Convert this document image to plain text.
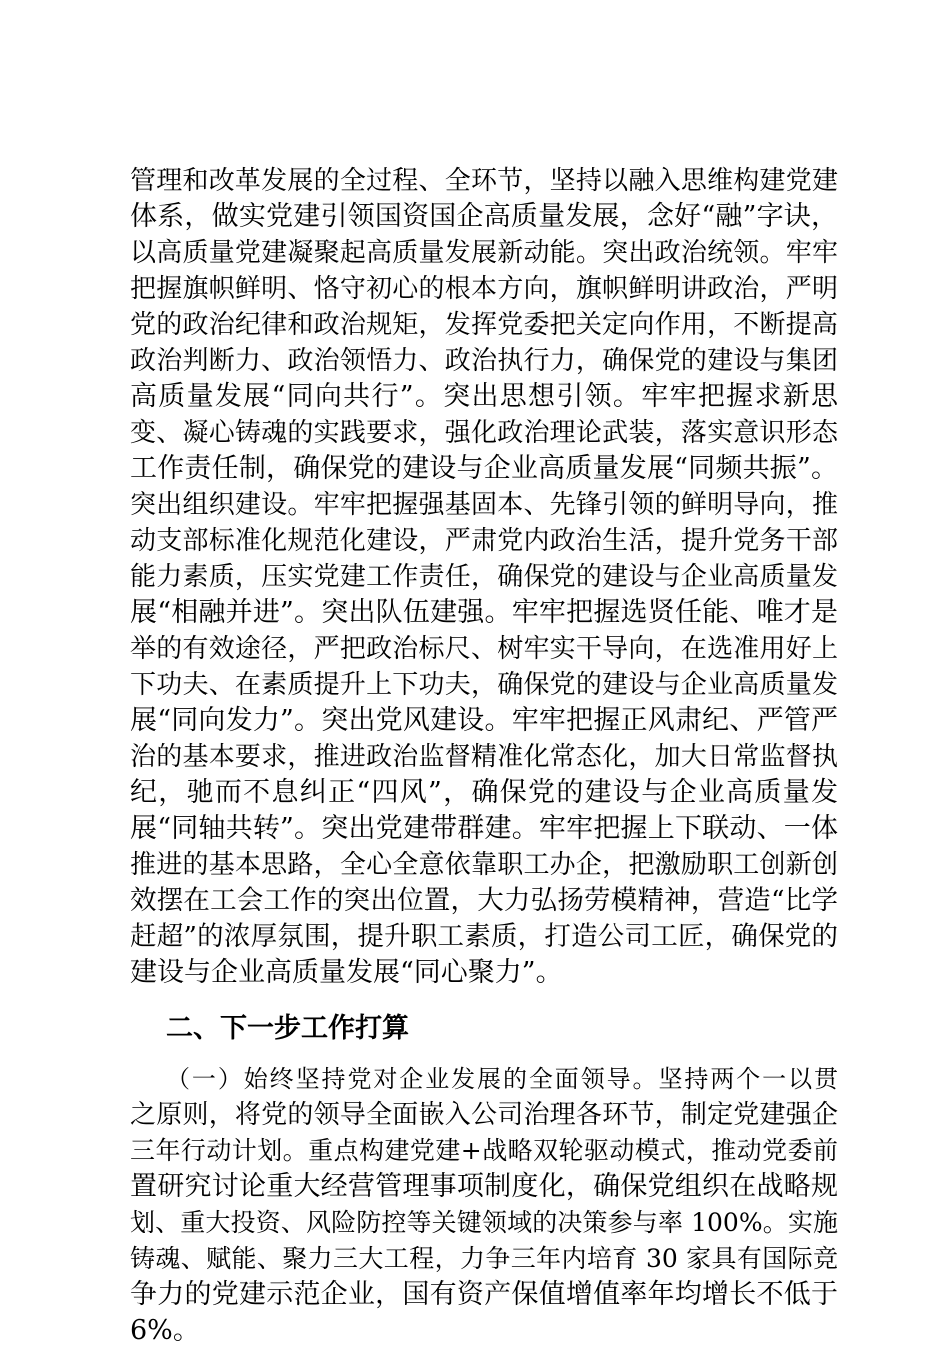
管理和改革发展的全过程、全环节，坚持以融入思维构建党建
体系，做实党建引领国资国企高质量发展，念好“融”字诀，
以高质量党建凝聚起高质量发展新动能。突出政治统领。牢牢
把握旗帜鲜明、恪守初心的根本方向，旗帜鲜明讲政治，严明
党的政治纪律和政治规矩，发挥党委把关定向作用，不断提高
政治判断力、政治领悟力、政治执行力，确保党的建设与集团
高质量发展“同向共行”。突出思想引领。牢牢把握求新思
变、凝心铸魂的实践要求，强化政治理论武装，落实意识形态
工作责任制，确保党的建设与企业高质量发展“同频共振”。
突出组织建设。牢牢把握强基固本、先锋引领的鲜明导向，推
动支部标准化规范化建设，严肃党内政治生活，提升党务干部
能力素质，压实党建工作责任，确保党的建设与企业高质量发
展“相融并进”。突出队伍建强。牢牢把握选贤任能、唯才是
举的有效途径，严把政治标尺、树牢实干导向，在选准用好上
下功夫、在素质提升上下功夫，确保党的建设与企业高质量发
展“同向发力”。突出党风建设。牢牢把握正风肃纪、严管严
治的基本要求，推进政治监督精准化常态化，加大日常监督执
纪，驰而不息纠正“四风”，确保党的建设与企业高质量发
展“同轴共转”。突出党建带群建。牢牢把握上下联动、一体
推进的基本思路，全心全意依靠职工办企，把激励职工创新创
效摆在工会工作的突出位置，大力弘扬劳模精神，营造“比学
赶超”的浓厚氛围，提升职工素质，打造公司工匠，确保党的
建设与企业高质量发展“同心聚力”。
二、下一步工作打算
（一）始终坚持党对企业发展的全面领导。坚持两个一以贯
之原则，将党的领导全面嵌入公司治理各环节，制定党建强企
三年行动计划。重点构建党建+战略双轮驱动模式，推动党委前
置研究讨论重大经营管理事项制度化，确保党组织在战略规
划、重大投资、风险防控等关键领域的决策参与率 100%。实施
铸魂、赋能、聚力三大工程，力争三年内培育 30 家具有国际竞
争力的党建示范企业，国有资产保值增值率年均增长不低于
6%。
